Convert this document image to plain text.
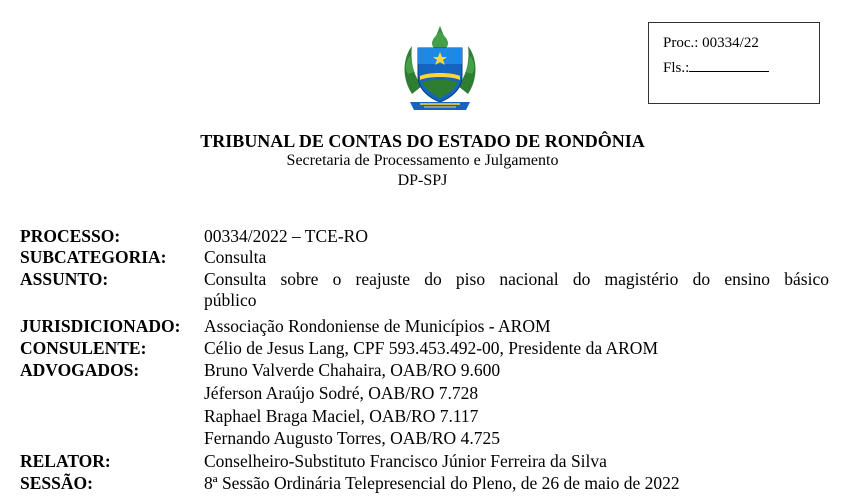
Proc.: 00334/22
Fls.:
TRIBUNAL DE CONTAS DO ESTADO DE RONDÔNIA
Secretaria de Processamento e Julgamento
DP-SPJ
PROCESSO:	00334/2022 – TCE-RO
SUBCATEGORIA: Consulta
ASSUNTO:	Consulta sobre o reajuste do piso nacional do magistério do ensino básico
público
JURISDICIONADO: Associação Rondoniense de Municípios - AROM
CONSULENTE:	Célio de Jesus Lang, CPF 593.453.492-00, Presidente da AROM
ADVOGADOS:	Bruno Valverde Chahaira, OAB/RO 9.600
Jéferson Araújo Sodré, OAB/RO 7.728
Raphael Braga Maciel, OAB/RO 7.117
Fernando Augusto Torres, OAB/RO 4.725
RELATOR:	Conselheiro-Substituto Francisco Júnior Ferreira da Silva
SESSÃO:	8ª Sessão Ordinária Telepresencial do Pleno, de 26 de maio de 2022
